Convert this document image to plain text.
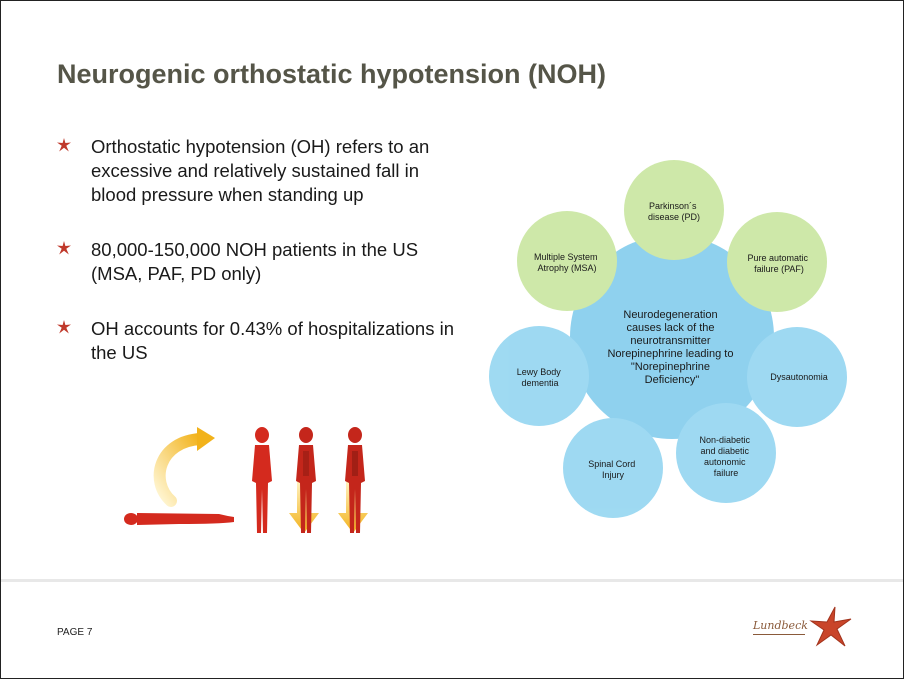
Neurogenic orthostatic hypotension (NOH)
Orthostatic hypotension (OH) refers to an excessive and relatively sustained fall in blood pressure when standing up
80,000-150,000 NOH patients in the US (MSA, PAF, PD only)
OH accounts for 0.43% of hospitalizations in the US
Neurodegeneration causes lack of the neurotransmitter Norepinephrine leading to "Norepinephrine Deficiency"
Parkinson´s disease (PD)
Pure automatic failure (PAF)
Dysautonomia
Non-diabetic and diabetic autonomic failure
Spinal Cord Injury
Lewy Body dementia
Multiple System Atrophy (MSA)
PAGE 7
Lundbeck
